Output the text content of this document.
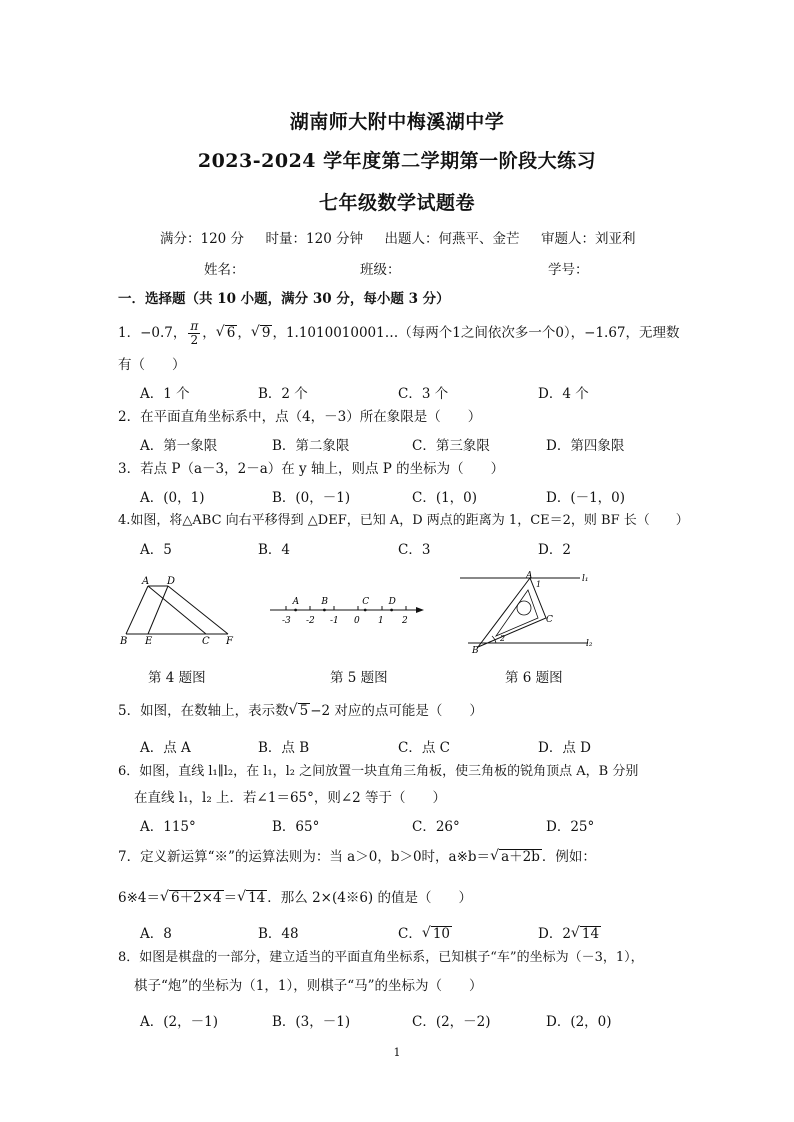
湖南师大附中梅溪湖中学
2023-2024 学年度第二学期第一阶段大练习
七年级数学试题卷
满分：120 分     时量：120 分钟     出题人：何燕平、金芒     审题人：刘亚利
姓名：	班级：	学号：
一．选择题（共 10 小题，满分 30 分，每小题 3 分）
1．−0.7， $\frac{\pi}{2}$ ， √ 6 ， √ 9 ，1.1010010001…（每两个1之间依次多一个0），−1.67，无理数
有（　　）
A．1 个	B．2 个	C．3 个	D．4 个
2．在平面直角坐标系中，点（4，－3）所在象限是（　　）
A．第一象限	B．第二象限	C．第三象限	D．第四象限
3．若点 P（a－3，2－a）在 y 轴上，则点 P 的坐标为（　　）
A．(0，1)	B．(0，－1)	C．(1，0)	D．(－1，0)
4.如图，将△ABC 向右平移得到 △DEF，已知 A，D 两点的距离为 1，CE＝2，则 BF 长（　　）
A．5	B．4	C．3	D．2
A D
B E	C F
-3 -2 -1 0 1 2
A B	C D
A
B
C
l₁
l₂
1
2
第 4 题图	第 5 题图	第 6 题图
5．如图，在数轴上，表示数 √ 5 −2 对应的点可能是（　　）
A．点 A	B．点 B	C．点 C	D．点 D
6．如图，直线 l₁∥l₂，在 l₁，l₂ 之间放置一块直角三角板，使三角板的锐角顶点 A，B 分别
在直线 l₁，l₂ 上．若∠1＝65°，则∠2 等于（　　）
A．115°	B．65°	C．26°	D．25°
7．定义新运算“※”的运算法则为：当 a＞0，b＞0时，a※b＝ √ a＋2b ．例如：
6※4＝ √ 6＋2×4 ＝ √ 14 ．那么 2×(4※6) 的值是（　　）
A．8	B．48	C． √ 10	D．2 √ 14
8．如图是棋盘的一部分，建立适当的平面直角坐标系，已知棋子“车”的坐标为（－3，1），
棋子“炮”的坐标为（1，1），则棋子“马”的坐标为（　　）
A．(2，－1)	B．(3，－1)	C．(2，－2)	D．(2，0)
1
